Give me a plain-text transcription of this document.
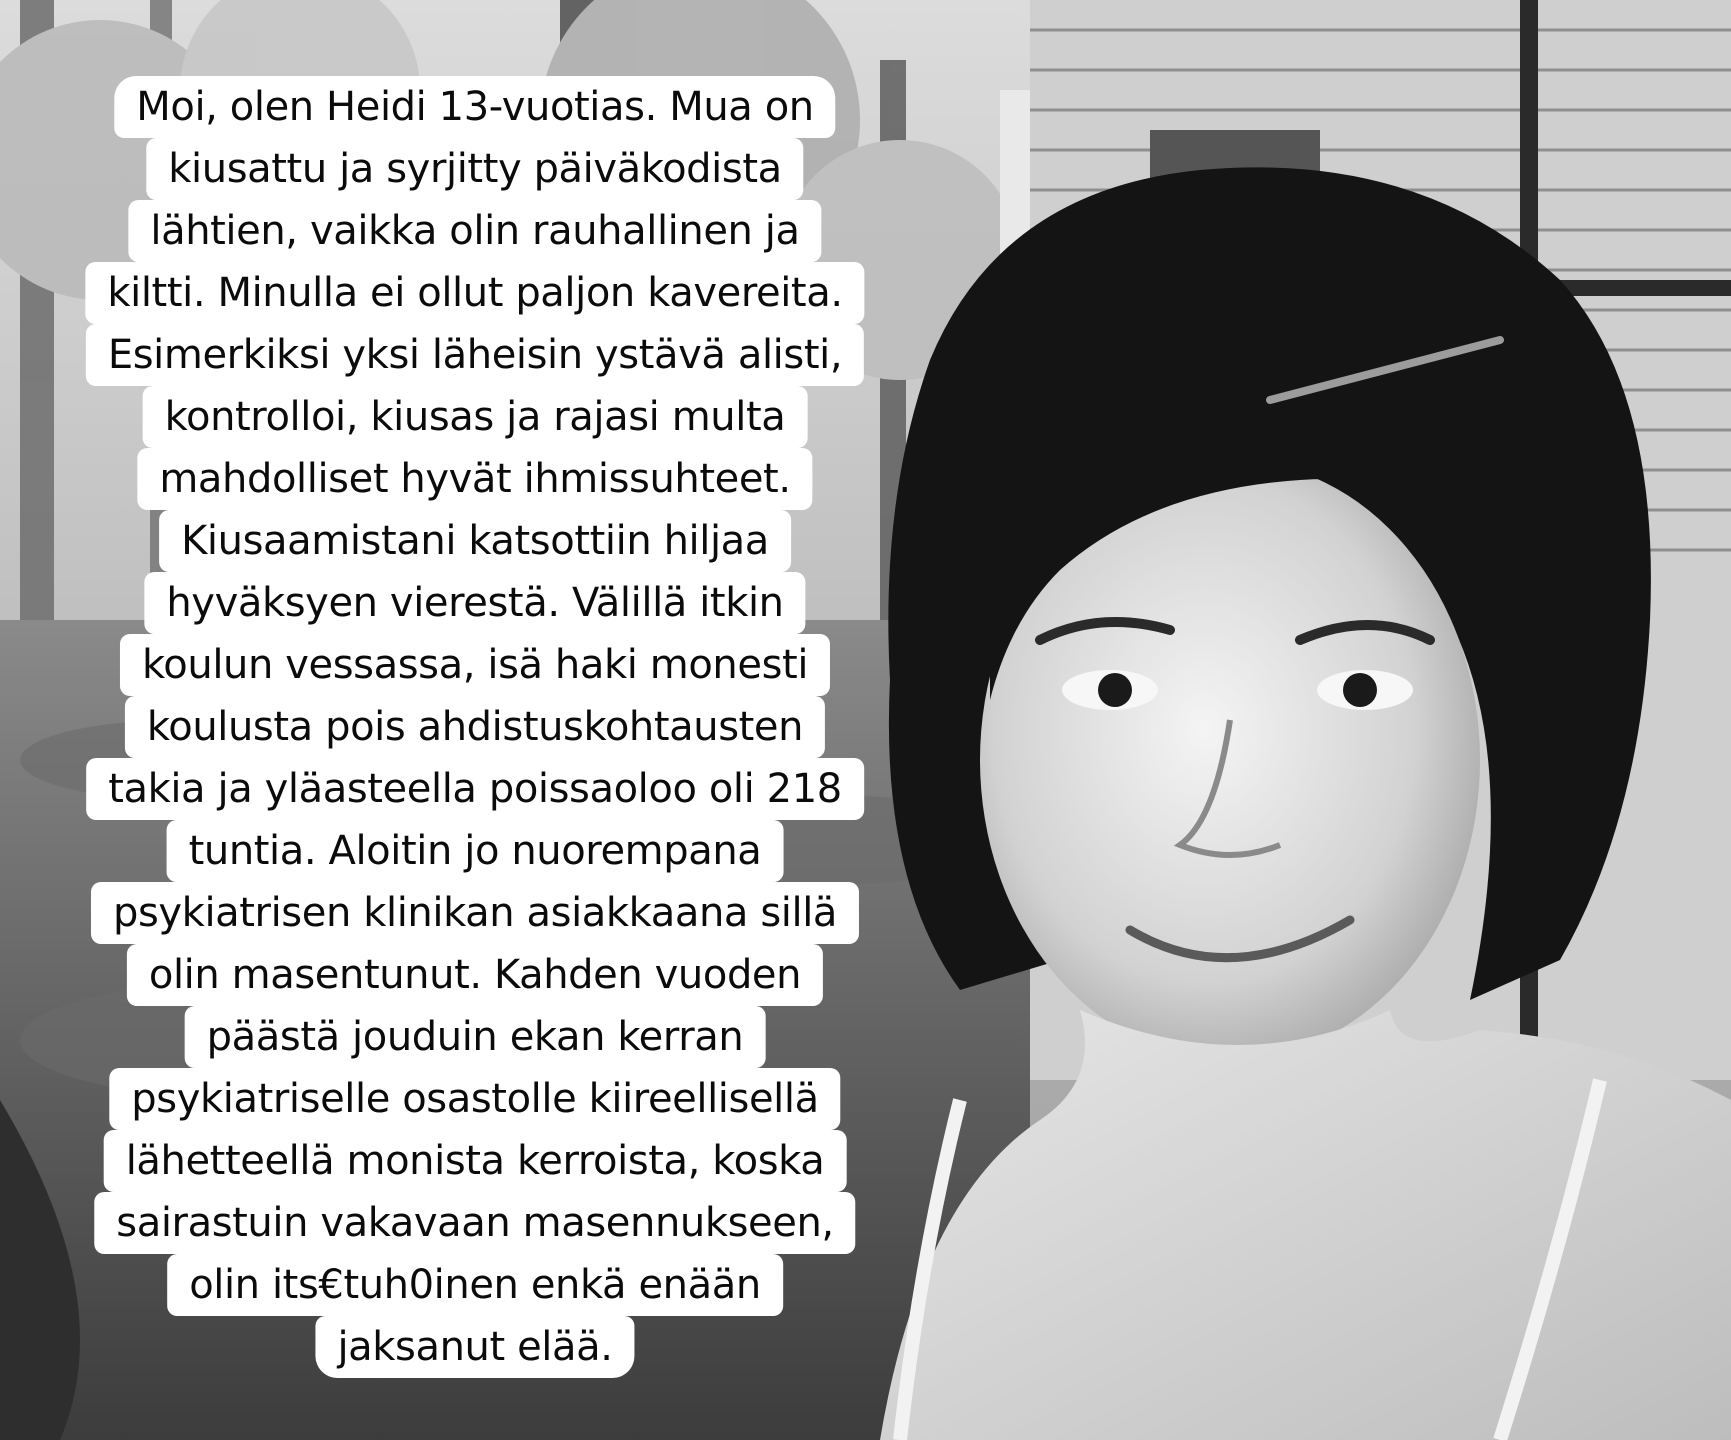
Moi, olen Heidi 13-vuotias. Mua on
kiusattu ja syrjitty päiväkodista
lähtien, vaikka olin rauhallinen ja
kiltti. Minulla ei ollut paljon kavereita.
Esimerkiksi yksi läheisin ystävä alisti,
kontrolloi, kiusas ja rajasi multa
mahdolliset hyvät ihmissuhteet.
Kiusaamistani katsottiin hiljaa
hyväksyen vierestä. Välillä itkin
koulun vessassa, isä haki monesti
koulusta pois ahdistuskohtausten
takia ja yläasteella poissaoloo oli 218
tuntia. Aloitin jo nuorempana
psykiatrisen klinikan asiakkaana sillä
olin masentunut. Kahden vuoden
päästä jouduin ekan kerran
psykiatriselle osastolle kiireellisellä
lähetteellä monista kerroista, koska
sairastuin vakavaan masennukseen,
olin its€tuh0inen enkä enään
jaksanut elää.
